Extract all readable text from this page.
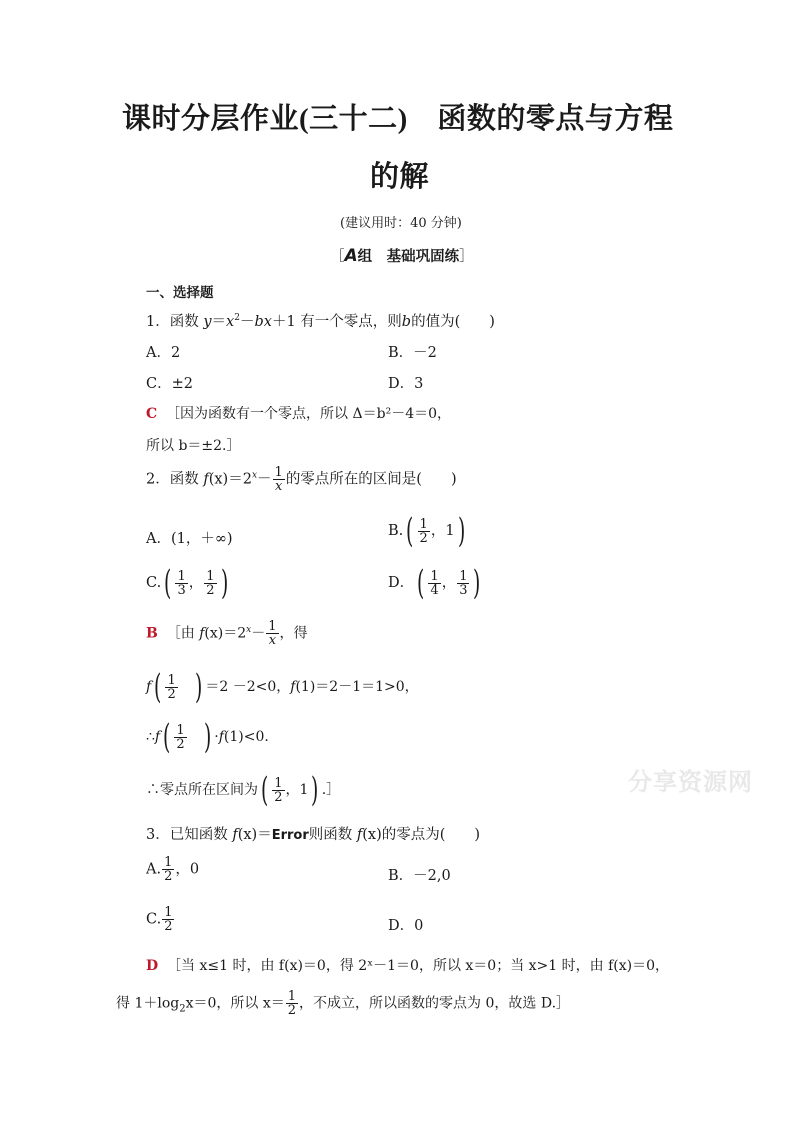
课时分层作业(三十二)　函数的零点与方程
的解
(建议用时：40 分钟)
［A组　基础巩固练］
一、选择题
1．函数 $y=x^2-bx+1$ 有一个零点，则b的值为(　　)
A．2	B．－2
C．±2	D．3
C ［因为函数有一个零点，所以 Δ＝b²－4＝0，
所以 b＝±2.］
2．函数 $f(x)=2^x- \frac{1}{x}$ 的零点所在的区间是(　　)
A．(1，＋∞)	$B.( \frac{1}{2}$ ，1)
$C.( \frac{1}{3}$ ， $\frac{1}{2}$ )	D．( $\frac{1}{4}$ ， $\frac{1}{3}$ )
B ［由 $f(x)=2^x- \frac{1}{x}$ ，得
$f( \frac{1}{2}$ ) ＝2 －2<0，f(1)＝2－1＝1>0，
∴f( $\frac{1}{2}$ ) ·f(1)<0.
∴零点所在区间为( $\frac{1}{2}$ ，1) .］	分享资源网
3．已知函数 f(x)＝Error则函数 f(x)的零点为(　　)
A. $\frac{1}{2}$ ，0	B．－2,0
C. $\frac{1}{2}$	D．0
D ［当 x≤1 时，由 f(x)＝0，得 2ˣ－1＝0，所以 x＝0；当 x>1 时，由 f(x)＝0，
得 $1+\log_2x=0$，所以 $x= \frac{1}{2}$ ，不成立，所以函数的零点为 0，故选 D.］
